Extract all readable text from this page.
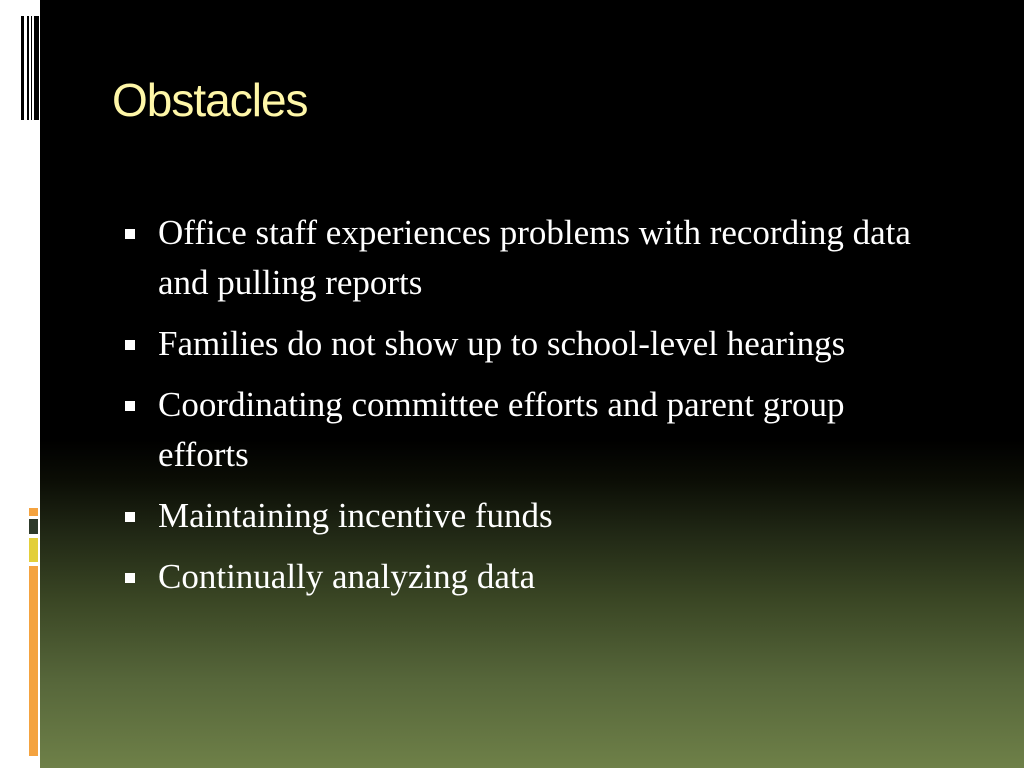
Obstacles
Office staff experiences problems with recording data and pulling reports
Families do not show up to school-level hearings
Coordinating committee efforts and parent group efforts
Maintaining incentive funds
Continually analyzing data
